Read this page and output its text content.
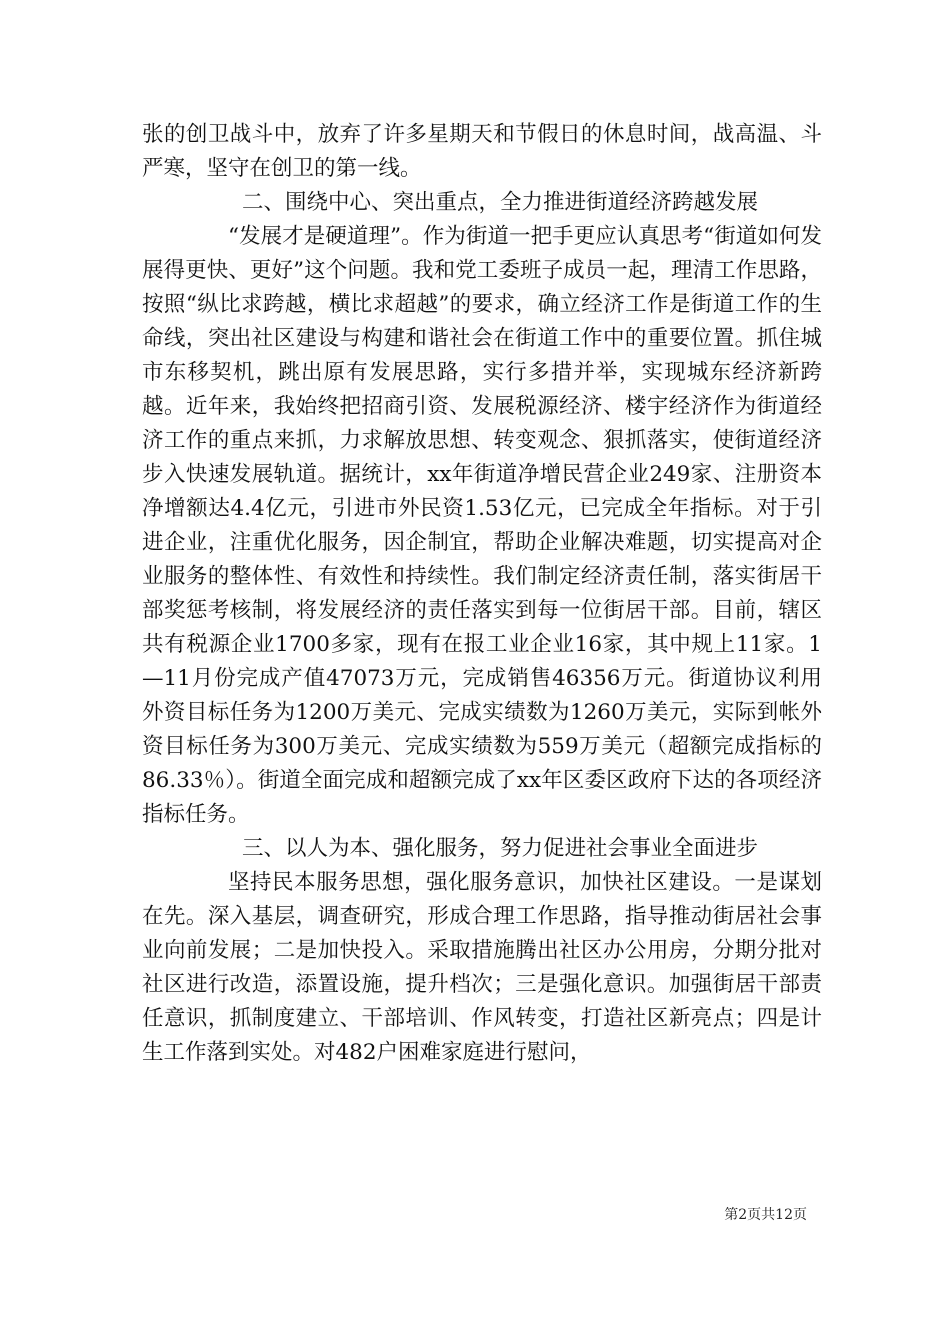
张的创卫战斗中，放弃了许多星期天和节假日的休息时间，战高温、斗严寒，坚守在创卫的第一线。

二、围绕中心、突出重点，全力推进街道经济跨越发展

“发展才是硬道理”。作为街道一把手更应认真思考“街道如何发展得更快、更好”这个问题。我和党工委班子成员一起，理清工作思路，按照“纵比求跨越，横比求超越”的要求，确立经济工作是街道工作的生命线，突出社区建设与构建和谐社会在街道工作中的重要位置。抓住城市东移契机，跳出原有发展思路，实行多措并举，实现城东经济新跨越。近年来，我始终把招商引资、发展税源经济、楼宇经济作为街道经济工作的重点来抓，力求解放思想、转变观念、狠抓落实，使街道经济步入快速发展轨道。据统计，xx年街道净增民营企业249家、注册资本净增额达4.4亿元，引进市外民资1.53亿元，已完成全年指标。对于引进企业，注重优化服务，因企制宜，帮助企业解决难题，切实提高对企业服务的整体性、有效性和持续性。我们制定经济责任制，落实街居干部奖惩考核制，将发展经济的责任落实到每一位街居干部。目前，辖区共有税源企业1700多家，现有在报工业企业16家，其中规上11家。1—11月份完成产值47073万元，完成销售46356万元。街道协议利用外资目标任务为1200万美元、完成实绩数为1260万美元，实际到帐外资目标任务为300万美元、完成实绩数为559万美元（超额完成指标的86.33％）。街道全面完成和超额完成了xx年区委区政府下达的各项经济指标任务。

三、以人为本、强化服务，努力促进社会事业全面进步

坚持民本服务思想，强化服务意识，加快社区建设。一是谋划在先。深入基层，调查研究，形成合理工作思路，指导推动街居社会事业向前发展；二是加快投入。采取措施腾出社区办公用房，分期分批对社区进行改造，添置设施，提升档次；三是强化意识。加强街居干部责任意识，抓制度建立、干部培训、作风转变，打造社区新亮点；四是计生工作落到实处。对482户困难家庭进行慰问，

第2页共12页
